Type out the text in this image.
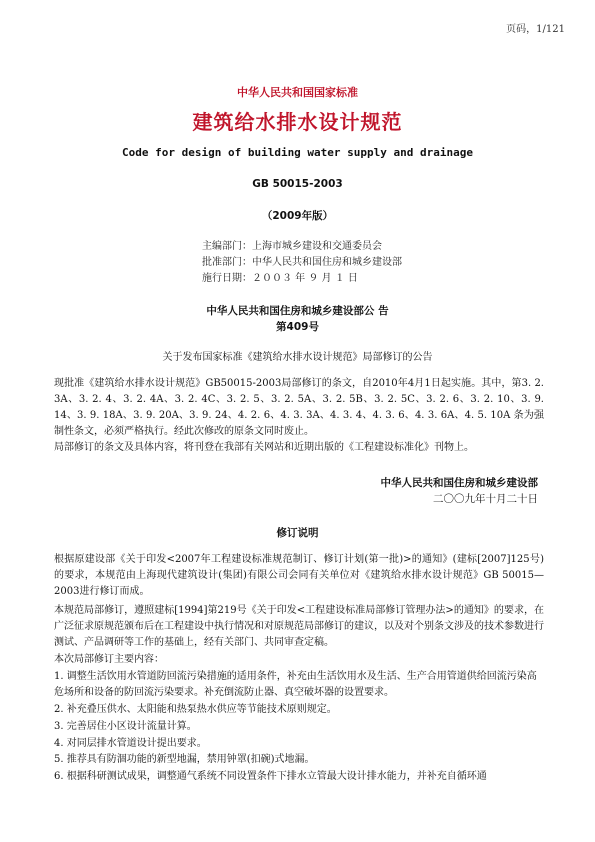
页码，1/121
中华人民共和国国家标准
建筑给水排水设计规范
Code for design of building water supply and drainage
GB 50015-2003
（2009年版）
主编部门：上海市城乡建设和交通委员会
批准部门：中华人民共和国住房和城乡建设部
施行日期：２００３ 年 ９ 月 １ 日
中华人民共和国住房和城乡建设部公 告
第409号
关于发布国家标准《建筑给水排水设计规范》局部修订的公告
现批准《建筑给水排水设计规范》GB50015-2003局部修订的条文，自2010年4月1日起实施。其中，第3. 2. 3A、3. 2. 4、3. 2. 4A、3. 2. 4C、3. 2. 5、3. 2. 5A、3. 2. 5B、3. 2. 5C、3. 2. 6、3. 2. 10、3. 9. 14、3. 9. 18A、3. 9. 20A、3. 9. 24、4. 2. 6、4. 3. 3A、4. 3. 4、4. 3. 6、4. 3. 6A、4. 5. 10A 条为强制性条文，必须严格执行。经此次修改的原条文同时废止。
局部修订的条文及具体内容，将刊登在我部有关网站和近期出版的《工程建设标准化》刊物上。
中华人民共和国住房和城乡建设部
二〇〇九年十月二十日
修订说明
根据原建设部《关于印发<2007年工程建设标准规范制订、修订计划(第一批)>的通知》(建标[2007]125号)的要求，本规范由上海现代建筑设计(集团)有限公司会同有关单位对《建筑给水排水设计规范》GB 50015—2003进行修订而成。
本规范局部修订，遵照建标[1994]第219号《关于印发<工程建设标准局部修订管理办法>的通知》的要求，在广泛征求原规范颁布后在工程建设中执行情况和对原规范局部修订的建议，以及对个别条文涉及的技术参数进行测试、产品调研等工作的基础上，经有关部门、共同审查定稿。
本次局部修订主要内容：
1. 调整生活饮用水管道防回流污染措施的适用条件，补充由生活饮用水及生活、生产合用管道供给回流污染高危场所和设备的防回流污染要求。补充倒流防止器、真空破坏器的设置要求。
2. 补充叠压供水、太阳能和热泵热水供应等节能技术原则规定。
3. 完善居住小区设计流量计算。
4. 对同层排水管道设计提出要求。
5. 推荐具有防涸功能的新型地漏，禁用钟罩(扣碗)式地漏。
6. 根据科研测试成果，调整通气系统不同设置条件下排水立管最大设计排水能力，并补充自循环通
